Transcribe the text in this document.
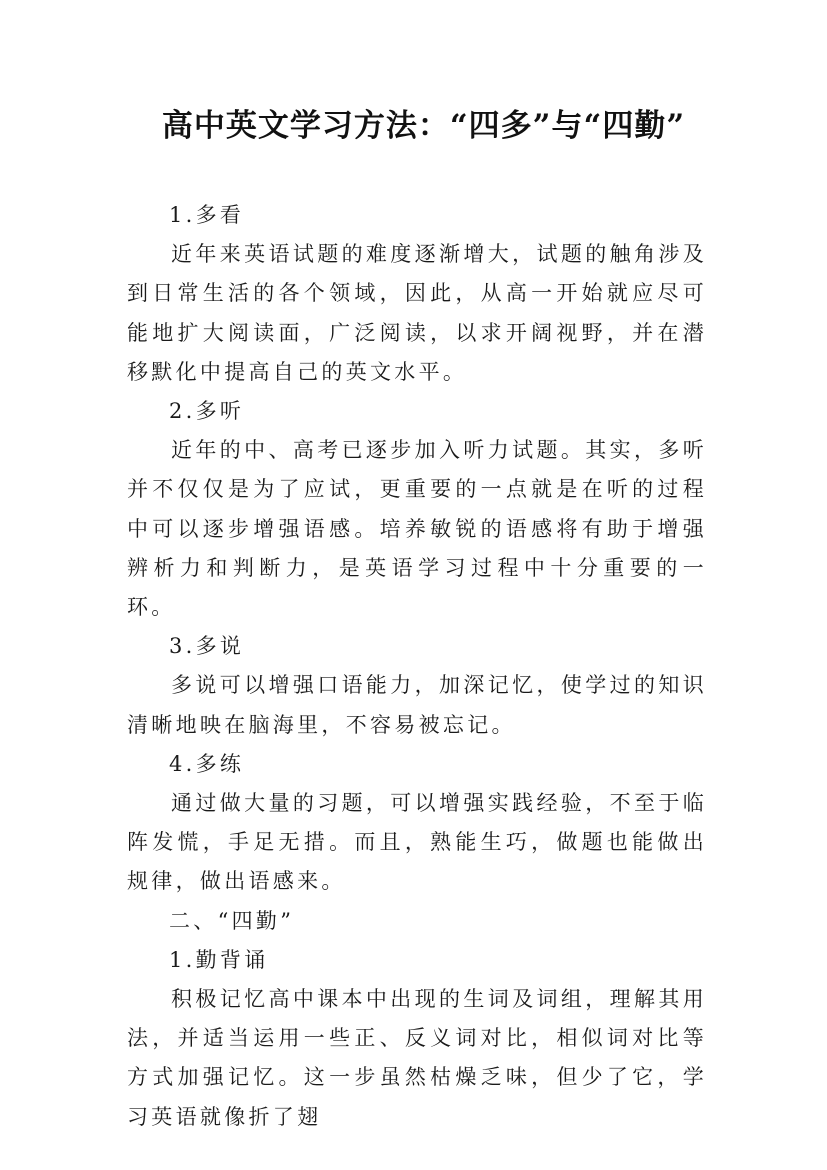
高中英文学习方法：“四多”与“四勤”

1.多看

近年来英语试题的难度逐渐增大，试题的触角涉及到日常生活的各个领域，因此，从高一开始就应尽可能地扩大阅读面，广泛阅读，以求开阔视野，并在潜移默化中提高自己的英文水平。

2.多听

近年的中、高考已逐步加入听力试题。其实，多听并不仅仅是为了应试，更重要的一点就是在听的过程中可以逐步增强语感。培养敏锐的语感将有助于增强辨析力和判断力，是英语学习过程中十分重要的一环。

3.多说

多说可以增强口语能力，加深记忆，使学过的知识清晰地映在脑海里，不容易被忘记。

4.多练

通过做大量的习题，可以增强实践经验，不至于临阵发慌，手足无措。而且，熟能生巧，做题也能做出规律，做出语感来。

二、“四勤”

1.勤背诵

积极记忆高中课本中出现的生词及词组，理解其用法，并适当运用一些正、反义词对比，相似词对比等方式加强记忆。这一步虽然枯燥乏味，但少了它，学习英语就像折了翅
